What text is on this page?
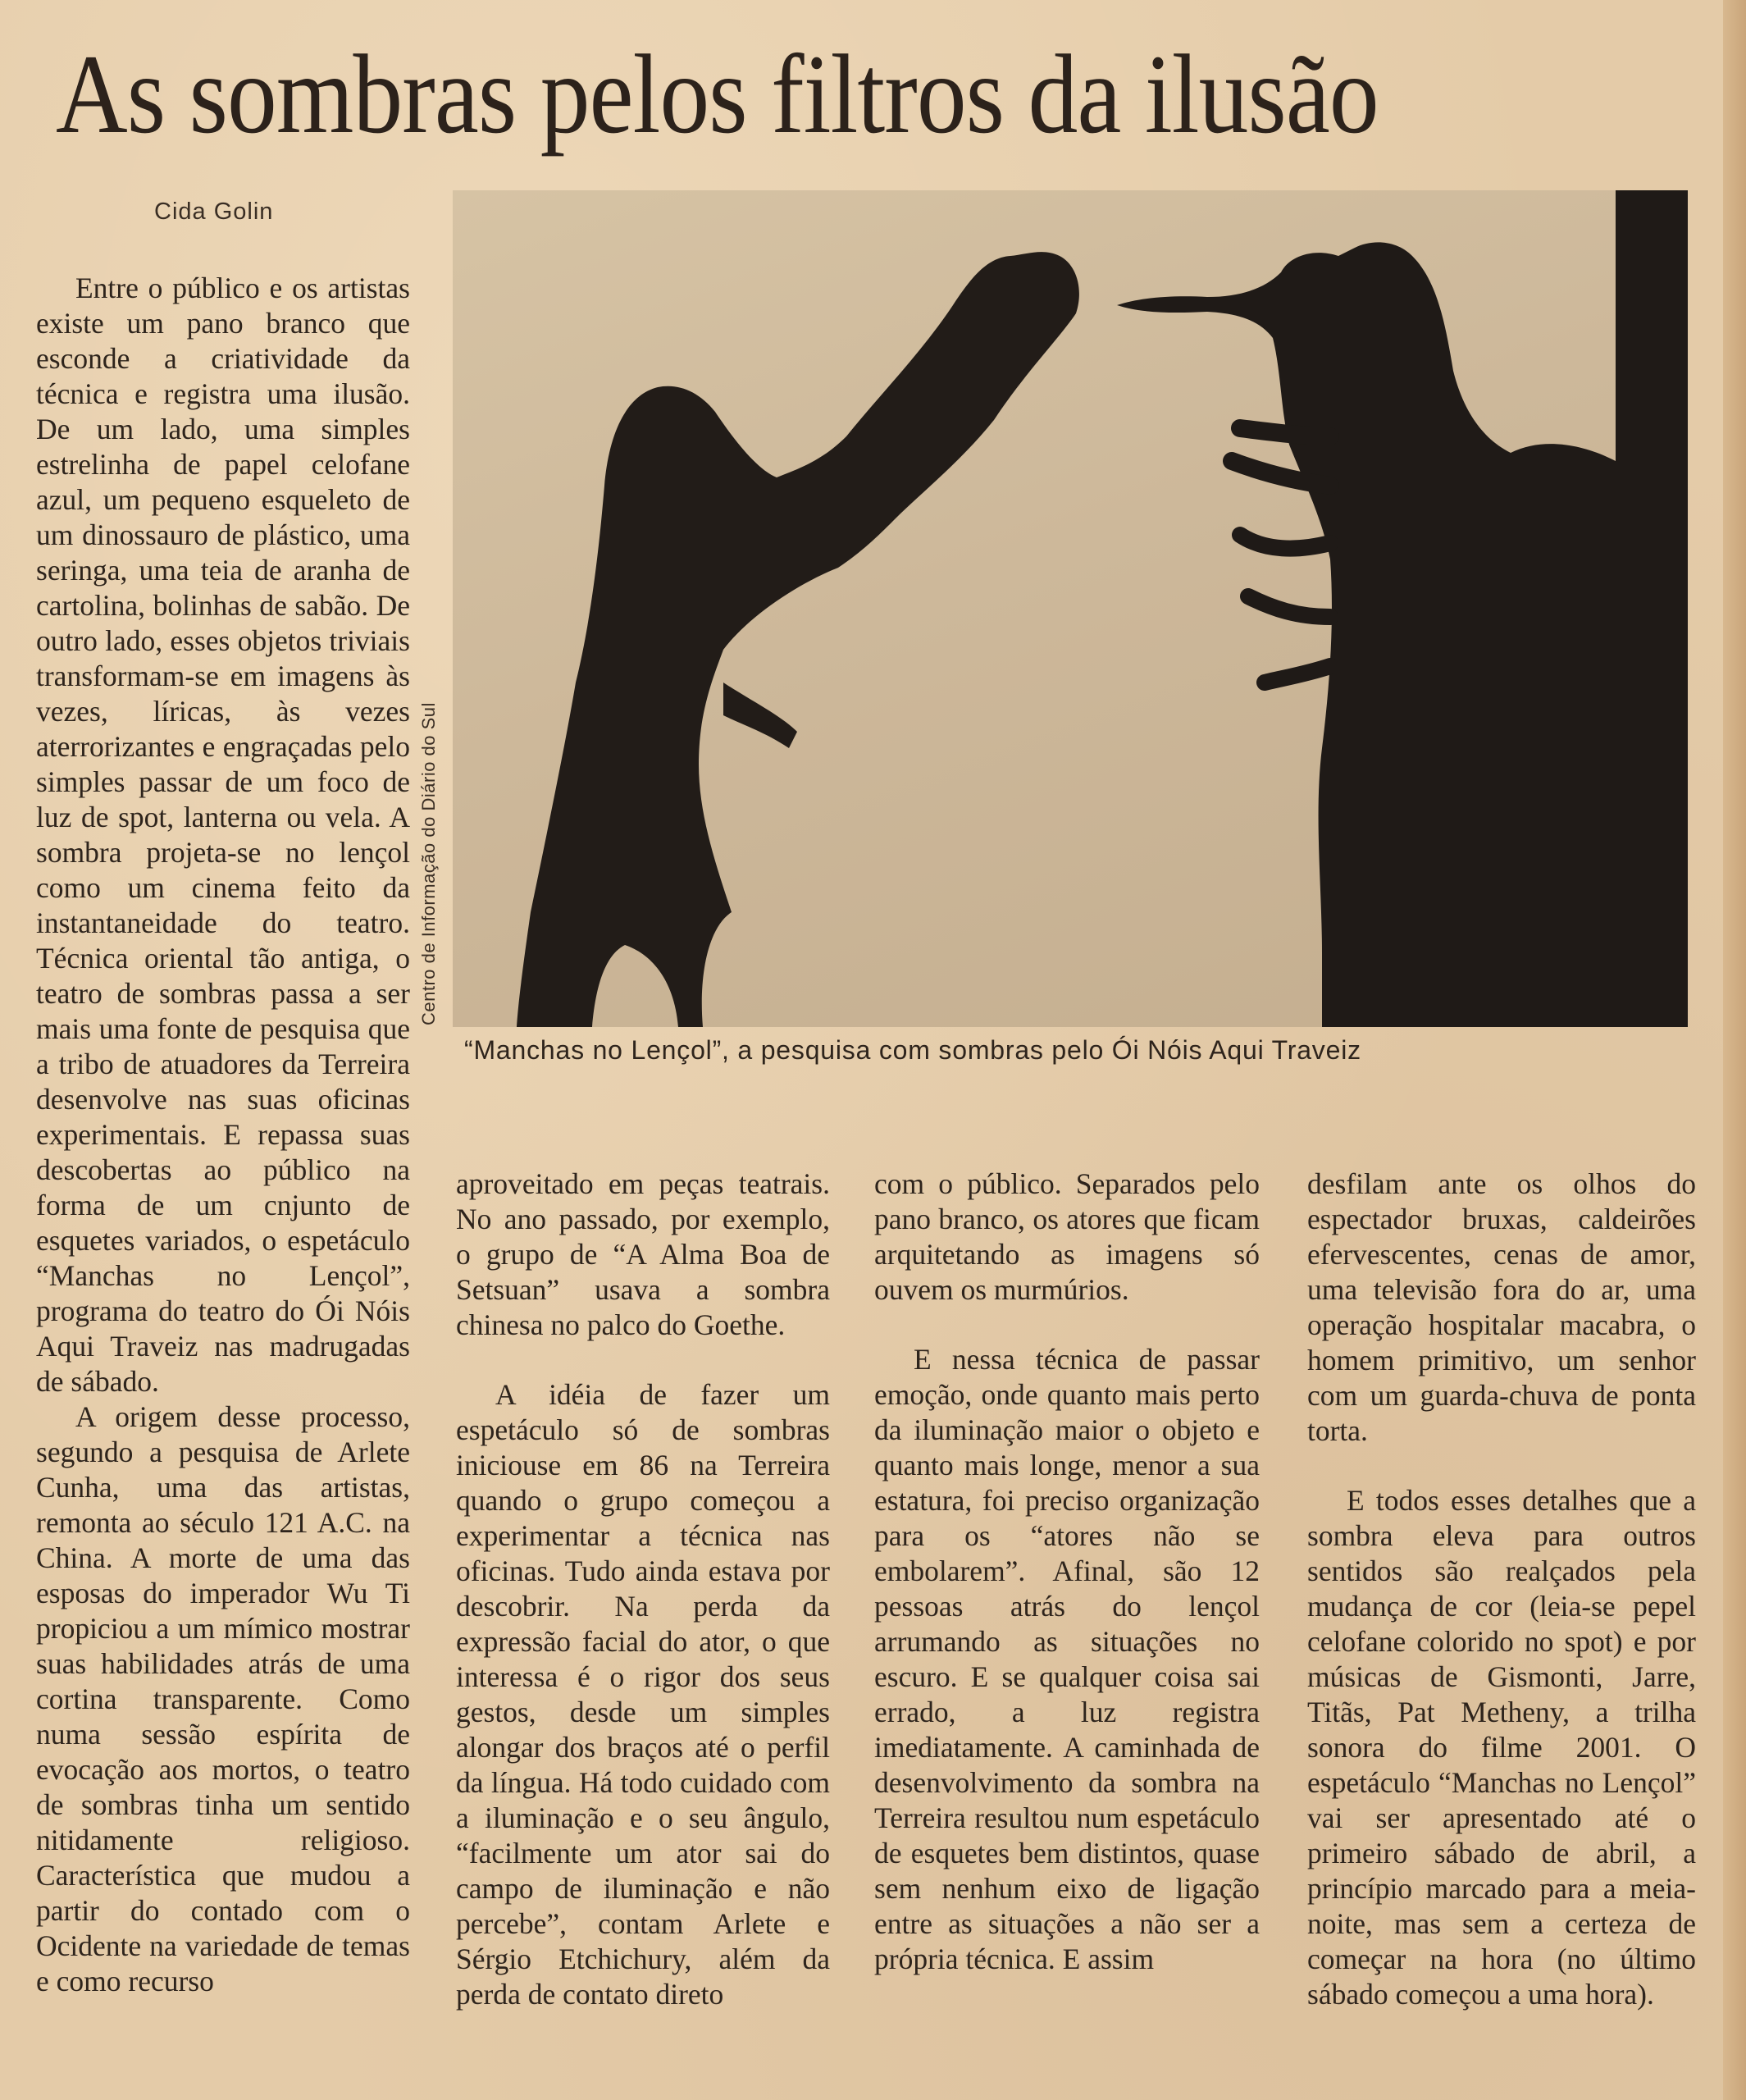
As sombras pelos filtros da ilusão
Cida Golin

Entre o público e os artistas existe um pano branco que esconde a criatividade da técnica e registra uma ilusão. De um lado, uma simples estrelinha de papel celofane azul, um pequeno esqueleto de um dinossauro de plástico, uma seringa, uma teia de aranha de cartolina, bolinhas de sabão. De outro lado, esses objetos triviais transformam-se em imagens às vezes, líricas, às vezes aterrorizantes e engraçadas pelo simples passar de um foco de luz de spot, lanterna ou vela. A sombra projeta-se no lençol como um cinema feito da instantaneidade do teatro. Técnica oriental tão antiga, o teatro de sombras passa a ser mais uma fonte de pesquisa que a tribo de atuadores da Terreira desenvolve nas suas oficinas experimentais. E repassa suas descobertas ao público na forma de um cnjunto de esquetes variados, o espetáculo “Manchas no Lençol”, programa do teatro do Ói Nóis Aqui Traveiz nas madrugadas de sábado.

A origem desse processo, segundo a pesquisa de Arlete Cunha, uma das artistas, remonta ao século 121 A.C. na China. A morte de uma das esposas do imperador Wu Ti propiciou a um mímico mostrar suas habilidades atrás de uma cortina transparente. Como numa sessão espírita de evocação aos mortos, o teatro de sombras tinha um sentido nitidamente religioso. Característica que mudou a partir do contado com o Ocidente na variedade de temas e como recurso

Centro de Informação do Diário do Sul
“Manchas no Lençol”, a pesquisa com sombras pelo Ói Nóis Aqui Traveiz

aproveitado em peças teatrais. No ano passado, por exemplo, o grupo de “A Alma Boa de Setsuan” usava a sombra chinesa no palco do Goethe.

A idéia de fazer um espetáculo só de sombras iniciouse em 86 na Terreira quando o grupo começou a experimentar a técnica nas oficinas. Tudo ainda estava por descobrir. Na perda da expressão facial do ator, o que interessa é o rigor dos seus gestos, desde um simples alongar dos braços até o perfil da língua. Há todo cuidado com a iluminação e o seu ângulo, “facilmente um ator sai do campo de iluminação e não percebe”, contam Arlete e Sérgio Etchichury, além da perda de contato direto

com o público. Separados pelo pano branco, os atores que ficam arquitetando as imagens só ouvem os murmúrios.

E nessa técnica de passar emoção, onde quanto mais perto da iluminação maior o objeto e quanto mais longe, menor a sua estatura, foi preciso organização para os “atores não se embolarem”. Afinal, são 12 pessoas atrás do lençol arrumando as situações no escuro. E se qualquer coisa sai errado, a luz registra imediatamente. A caminhada de desenvolvimento da sombra na Terreira resultou num espetáculo de esquetes bem distintos, quase sem nenhum eixo de ligação entre as situações a não ser a própria técnica. E assim

desfilam ante os olhos do espectador bruxas, caldeirões efervescentes, cenas de amor, uma televisão fora do ar, uma operação hospitalar macabra, o homem primitivo, um senhor com um guarda-chuva de ponta torta.

E todos esses detalhes que a sombra eleva para outros sentidos são realçados pela mudança de cor (leia-se pepel celofane colorido no spot) e por músicas de Gismonti, Jarre, Titãs, Pat Metheny, a trilha sonora do filme 2001. O espetáculo “Manchas no Lençol” vai ser apresentado até o primeiro sábado de abril, a princípio marcado para a meia-noite, mas sem a certeza de começar na hora (no último sábado começou a uma hora).
